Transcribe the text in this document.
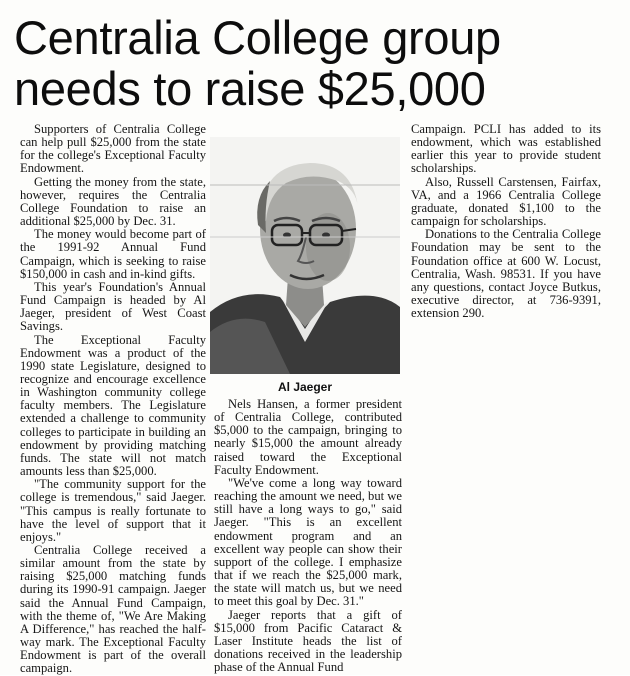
Centralia College group
needs to raise $25,000

Supporters of Centralia College can help pull $25,000 from the state for the college's Exceptional Faculty Endowment.

Getting the money from the state, however, requires the Centralia College Foundation to raise an additional $25,000 by Dec. 31.

The money would become part of the 1991-92 Annual Fund Campaign, which is seeking to raise $150,000 in cash and in-kind gifts.

This year's Foundation's Annual Fund Campaign is headed by Al Jaeger, president of West Coast Savings.

The Exceptional Faculty Endowment was a product of the 1990 state Legislature, designed to recognize and encourage excellence in Washington community college faculty members. The Legislature extended a challenge to community colleges to participate in building an endowment by providing matching funds. The state will not match amounts less than $25,000.

"The community support for the college is tremendous," said Jaeger. "This campus is really fortunate to have the level of support that it enjoys."

Centralia College received a similar amount from the state by raising $25,000 matching funds during its 1990-91 campaign. Jaeger said the Annual Fund Campaign, with the theme of, "We Are Making A Difference," has reached the half-way mark. The Exceptional Faculty Endowment is part of the overall campaign.

Al Jaeger

Nels Hansen, a former president of Centralia College, contributed $5,000 to the campaign, bringing to nearly $15,000 the amount already raised toward the Exceptional Faculty Endowment.

"We've come a long way toward reaching the amount we need, but we still have a long ways to go," said Jaeger. "This is an excellent endowment program and an excellent way people can show their support of the college. I emphasize that if we reach the $25,000 mark, the state will match us, but we need to meet this goal by Dec. 31."

Jaeger reports that a gift of $15,000 from Pacific Cataract & Laser Institute heads the list of donations received in the leadership phase of the Annual Fund

Campaign. PCLI has added to its endowment, which was established earlier this year to provide student scholarships.

Also, Russell Carstensen, Fairfax, VA, and a 1966 Centralia College graduate, donated $1,100 to the campaign for scholarships.

Donations to the Centralia College Foundation may be sent to the Foundation office at 600 W. Locust, Centralia, Wash. 98531. If you have any questions, contact Joyce Butkus, executive director, at 736-9391, extension 290.
